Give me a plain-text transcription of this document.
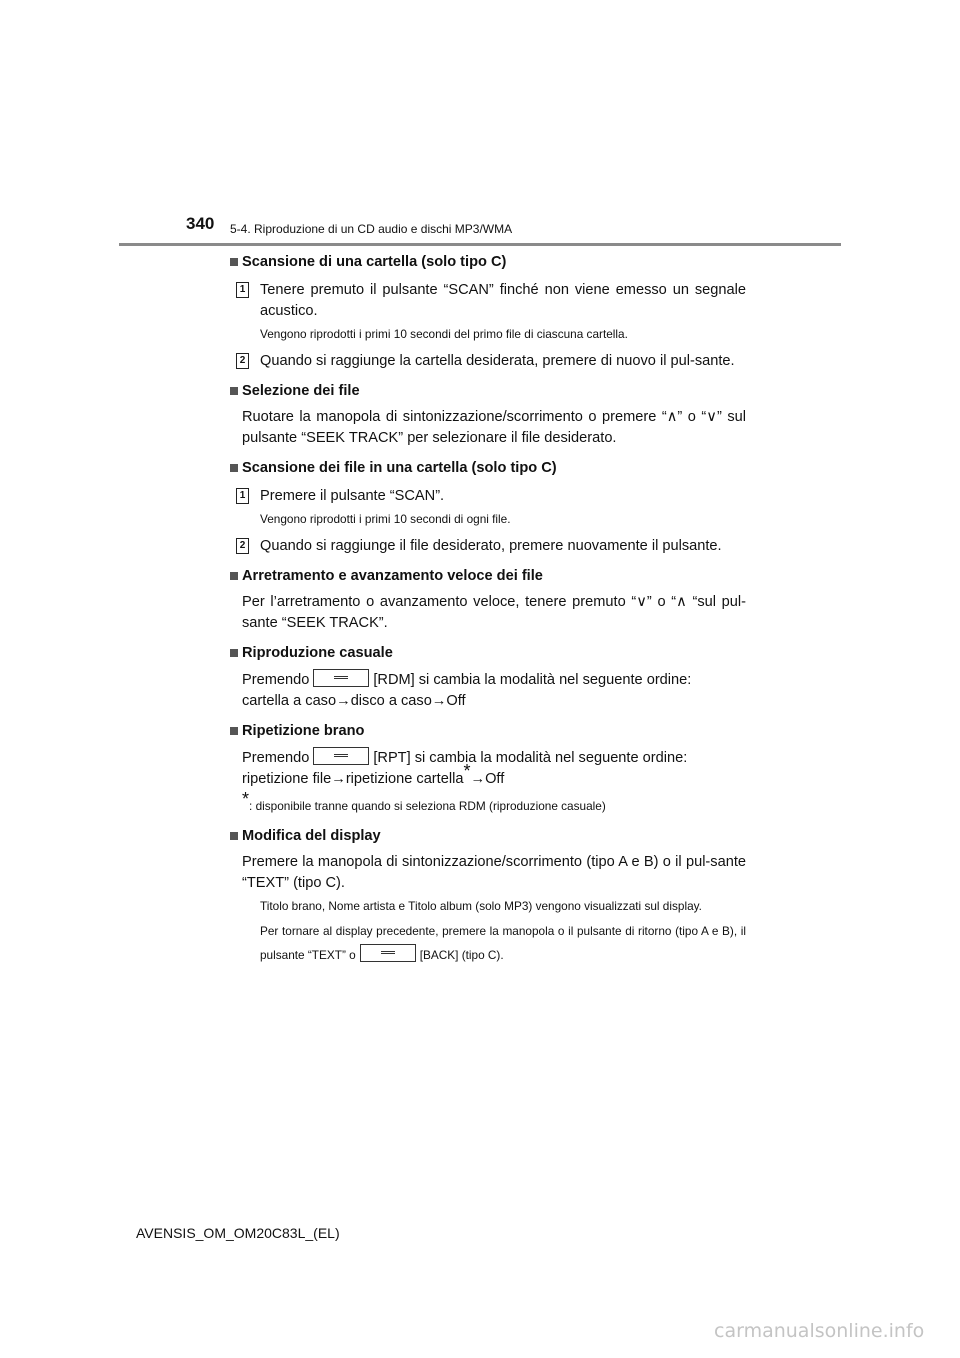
340 5-4. Riproduzione di un CD audio e dischi MP3/WMA
Scansione di una cartella (solo tipo C)
1 Tenere premuto il pulsante “SCAN” finché non viene emesso un segnale acustico.
Vengono riprodotti i primi 10 secondi del primo file di ciascuna cartella.
2 Quando si raggiunge la cartella desiderata, premere di nuovo il pul-sante.
Selezione dei file
Ruotare la manopola di sintonizzazione/scorrimento o premere “∧” o “∨” sul pulsante “SEEK TRACK” per selezionare il file desiderato.
Scansione dei file in una cartella (solo tipo C)
1 Premere il pulsante “SCAN”.
Vengono riprodotti i primi 10 secondi di ogni file.
2 Quando si raggiunge il file desiderato, premere nuovamente il pulsante.
Arretramento e avanzamento veloce dei file
Per l’arretramento o avanzamento veloce, tenere premuto “∨” o “∧ “sul pul-sante “SEEK TRACK”.
Riproduzione casuale
Premendo	[RDM] si cambia la modalità nel seguente ordine:
cartella a caso→disco a caso→Off
Ripetizione brano
Premendo	[RPT] si cambia la modalità nel seguente ordine:
ripetizione file→ripetizione cartella*→Off
*: disponibile tranne quando si seleziona RDM (riproduzione casuale)
Modifica del display
Premere la manopola di sintonizzazione/scorrimento (tipo A e B) o il pul-sante “TEXT” (tipo C).
Titolo brano, Nome artista e Titolo album (solo MP3) vengono visualizzati sul display.
Per tornare al display precedente, premere la manopola o il pulsante di ritorno (tipo A e B), il pulsante “TEXT” o	[BACK] (tipo C).
AVENSIS_OM_OM20C83L_(EL)
carmanualsonline.info
